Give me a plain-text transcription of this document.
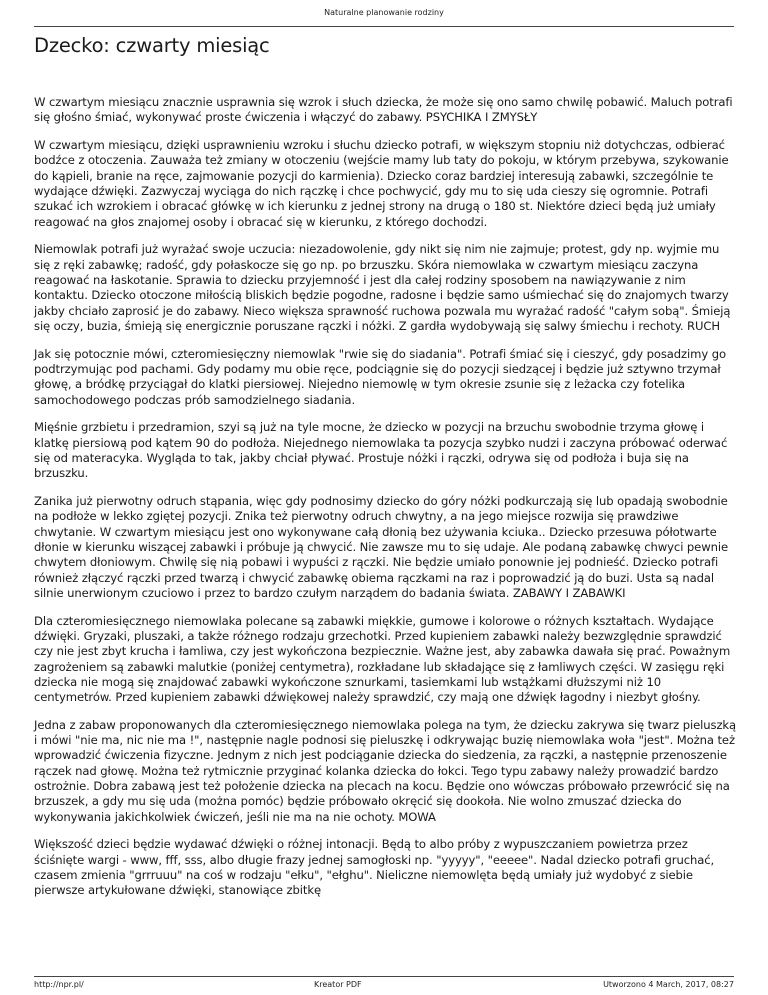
Naturalne planowanie rodziny
Dzecko: czwarty miesiąc

W czwartym miesiącu znacznie usprawnia się wzrok i słuch dziecka, że może się ono samo chwilę pobawić. Maluch potrafi się głośno śmiać, wykonywać proste ćwiczenia i włączyć do zabawy. PSYCHIKA I ZMYSŁY

W czwartym miesiącu, dzięki usprawnieniu wzroku i słuchu dziecko potrafi, w większym stopniu niż dotychczas, odbierać bodźce z otoczenia. Zauważa też zmiany w otoczeniu (wejście mamy lub taty do pokoju, w którym przebywa, szykowanie do kąpieli, branie na ręce, zajmowanie pozycji do karmienia). Dziecko coraz bardziej interesują zabawki, szczególnie te wydające dźwięki. Zazwyczaj wyciąga do nich rączkę i chce pochwycić, gdy mu to się uda cieszy się ogromnie. Potrafi szukać ich wzrokiem i obracać główkę w ich kierunku z jednej strony na drugą o 180 st. Niektóre dzieci będą już umiały reagować na głos znajomej osoby i obracać się w kierunku, z którego dochodzi.

Niemowlak potrafi już wyrażać swoje uczucia: niezadowolenie, gdy nikt się nim nie zajmuje; protest, gdy np. wyjmie mu się z ręki zabawkę; radość, gdy połaskocze się go np. po brzuszku. Skóra niemowlaka w czwartym miesiącu zaczyna reagować na łaskotanie. Sprawia to dziecku przyjemność i jest dla całej rodziny sposobem na nawiązywanie z nim kontaktu. Dziecko otoczone miłością bliskich będzie pogodne, radosne i będzie samo uśmiechać się do znajomych twarzy jakby chciało zaprosić je do zabawy. Nieco większa sprawność ruchowa pozwala mu wyrażać radość "całym sobą". Śmieją się oczy, buzia, śmieją się energicznie poruszane rączki i nóżki. Z gardła wydobywają się salwy śmiechu i rechoty. RUCH

Jak się potocznie mówi, czteromiesięczny niemowlak "rwie się do siadania". Potrafi śmiać się i cieszyć, gdy posadzimy go podtrzymując pod pachami. Gdy podamy mu obie ręce, podciągnie się do pozycji siedzącej i będzie już sztywno trzymał głowę, a bródkę przyciągał do klatki piersiowej. Niejedno niemowlę w tym okresie zsunie się z leżacka czy fotelika samochodowego podczas prób samodzielnego siadania.

Mięśnie grzbietu i przedramion, szyi są już na tyle mocne, że dziecko w pozycji na brzuchu swobodnie trzyma głowę i klatkę piersiową pod kątem 90 do podłoża. Niejednego niemowlaka ta pozycja szybko nudzi i zaczyna próbować oderwać się od materacyka. Wygląda to tak, jakby chciał pływać. Prostuje nóżki i rączki, odrywa się od podłoża i buja się na brzuszku.

Zanika już pierwotny odruch stąpania, więc gdy podnosimy dziecko do góry nóżki podkurczają się lub opadają swobodnie na podłoże w lekko zgiętej pozycji. Znika też pierwotny odruch chwytny, a na jego miejsce rozwija się prawdziwe chwytanie. W czwartym miesiącu jest ono wykonywane całą dłonią bez używania kciuka.. Dziecko przesuwa półotwarte dłonie w kierunku wiszącej zabawki i próbuje ją chwycić. Nie zawsze mu to się udaje. Ale podaną zabawkę chwyci pewnie chwytem dłoniowym. Chwilę się nią pobawi i wypuści z rączki. Nie będzie umiało ponownie jej podnieść. Dziecko potrafi również złączyć rączki przed twarzą i chwycić zabawkę obiema rączkami na raz i poprowadzić ją do buzi. Usta są nadal silnie unerwionym czuciowo i przez to bardzo czułym narządem do badania świata. ZABAWY I ZABAWKI

Dla czteromiesięcznego niemowlaka polecane są zabawki miękkie, gumowe i kolorowe o różnych kształtach. Wydające dźwięki. Gryzaki, pluszaki, a także różnego rodzaju grzechotki. Przed kupieniem zabawki należy bezwzględnie sprawdzić czy nie jest zbyt krucha i łamliwa, czy jest wykończona bezpiecznie. Ważne jest, aby zabawka dawała się prać. Poważnym zagrożeniem są zabawki malutkie (poniżej centymetra), rozkładane lub składające się z łamliwych części. W zasięgu ręki dziecka nie mogą się znajdować zabawki wykończone sznurkami, tasiemkami lub wstążkami dłuższymi niż 10 centymetrów. Przed kupieniem zabawki dźwiękowej należy sprawdzić, czy mają one dźwięk łagodny i niezbyt głośny.

Jedna z zabaw proponowanych dla czteromiesięcznego niemowlaka polega na tym, że dziecku zakrywa się twarz pieluszką i mówi "nie ma, nic nie ma !", następnie nagle podnosi się pieluszkę i odkrywając buzię niemowlaka woła "jest". Można też wprowadzić ćwiczenia fizyczne. Jednym z nich jest podciąganie dziecka do siedzenia, za rączki, a następnie przenoszenie rączek nad głowę. Można też rytmicznie przyginać kolanka dziecka do łokci. Tego typu zabawy należy prowadzić bardzo ostrożnie. Dobra zabawą jest też położenie dziecka na plecach na kocu. Będzie ono wówczas próbowało przewrócić się na brzuszek, a gdy mu się uda (można pomóc) będzie próbowało okręcić się dookoła. Nie wolno zmuszać dziecka do wykonywania jakichkolwiek ćwiczeń, jeśli nie ma na nie ochoty. MOWA

Większość dzieci będzie wydawać dźwięki o różnej intonacji. Będą to albo próby z wypuszczaniem powietrza przez ściśnięte wargi - www, fff, sss, albo długie frazy jednej samogłoski np. "yyyyy", "eeeee". Nadal dziecko potrafi gruchać, czasem zmienia "grrruuu" na coś w rodzaju "ełku", "ełghu". Nieliczne niemowlęta będą umiały już wydobyć z siebie pierwsze artykułowane dźwięki, stanowiące zbitkę

http://npr.pl/	Kreator PDF	Utworzono 4 March, 2017, 08:27
